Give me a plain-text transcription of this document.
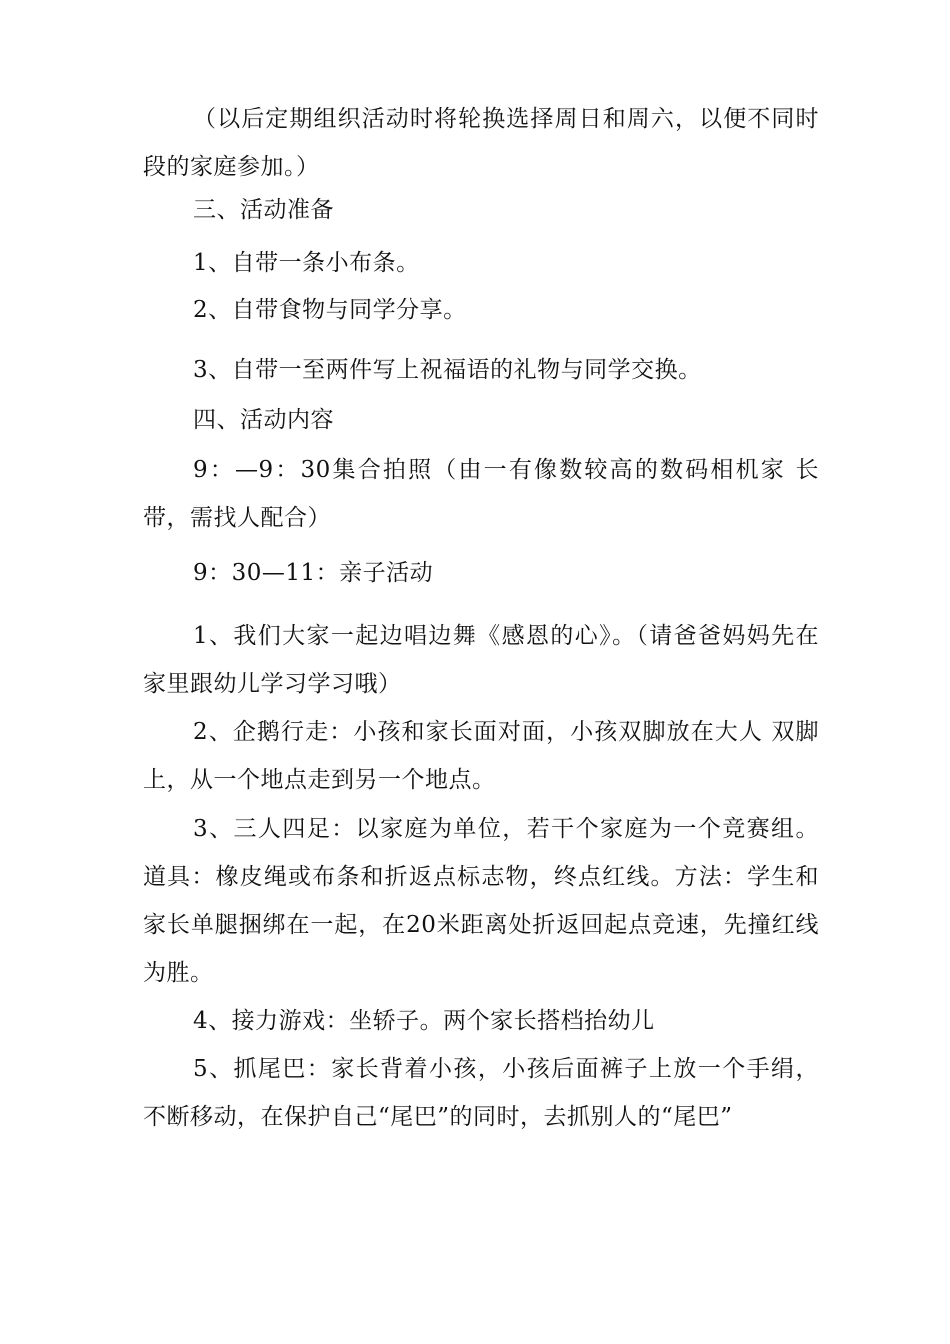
（以后定期组织活动时将轮换选择周日和周六，以便不同时段的家庭参加。）

三、活动准备

1、自带一条小布条。

2、自带食物与同学分享。

3、自带一至两件写上祝福语的礼物与同学交换。

四、活动内容

9：—9：30集合拍照（由一有像数较高的数码相机家 长带，需找人配合）

9：30—11：亲子活动

1、我们大家一起边唱边舞《感恩的心》。（请爸爸妈妈先在家里跟幼儿学习学习哦）

2、企鹅行走：小孩和家长面对面，小孩双脚放在大人 双脚上，从一个地点走到另一个地点。

3、三人四足：以家庭为单位，若干个家庭为一个竞赛组。道具：橡皮绳或布条和折返点标志物，终点红线。方法：学生和家长单腿捆绑在一起，在20米距离处折返回起点竞速，先撞红线为胜。

4、接力游戏：坐轿子。两个家长搭档抬幼儿

5、抓尾巴：家长背着小孩，小孩后面裤子上放一个手绢，不断移动，在保护自己“尾巴”的同时，去抓别人的“尾巴”
